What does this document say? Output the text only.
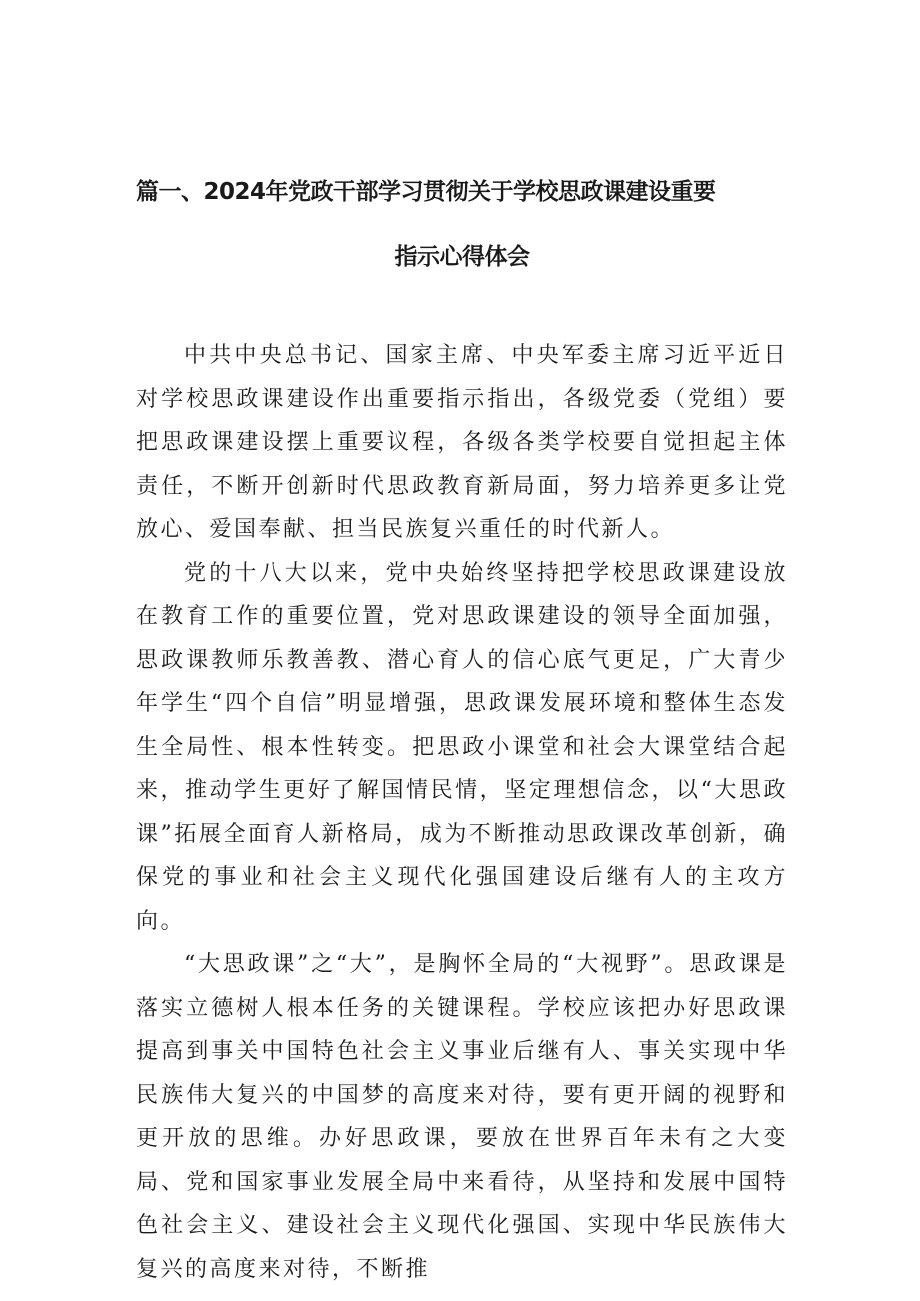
篇一、2024年党政干部学习贯彻关于学校思政课建设重要
指示心得体会

中共中央总书记、国家主席、中央军委主席习近平近日对学校思政课建设作出重要指示指出，各级党委（党组）要把思政课建设摆上重要议程，各级各类学校要自觉担起主体责任，不断开创新时代思政教育新局面，努力培养更多让党放心、爱国奉献、担当民族复兴重任的时代新人。

党的十八大以来，党中央始终坚持把学校思政课建设放在教育工作的重要位置，党对思政课建设的领导全面加强，思政课教师乐教善教、潜心育人的信心底气更足，广大青少年学生“四个自信”明显增强，思政课发展环境和整体生态发生全局性、根本性转变。把思政小课堂和社会大课堂结合起来，推动学生更好了解国情民情，坚定理想信念，以“大思政课”拓展全面育人新格局，成为不断推动思政课改革创新，确保党的事业和社会主义现代化强国建设后继有人的主攻方向。

“大思政课”之“大”，是胸怀全局的“大视野”。思政课是落实立德树人根本任务的关键课程。学校应该把办好思政课提高到事关中国特色社会主义事业后继有人、事关实现中华民族伟大复兴的中国梦的高度来对待，要有更开阔的视野和更开放的思维。办好思政课，要放在世界百年未有之大变局、党和国家事业发展全局中来看待，从坚持和发展中国特色社会主义、建设社会主义现代化强国、实现中华民族伟大复兴的高度来对待，不断推
